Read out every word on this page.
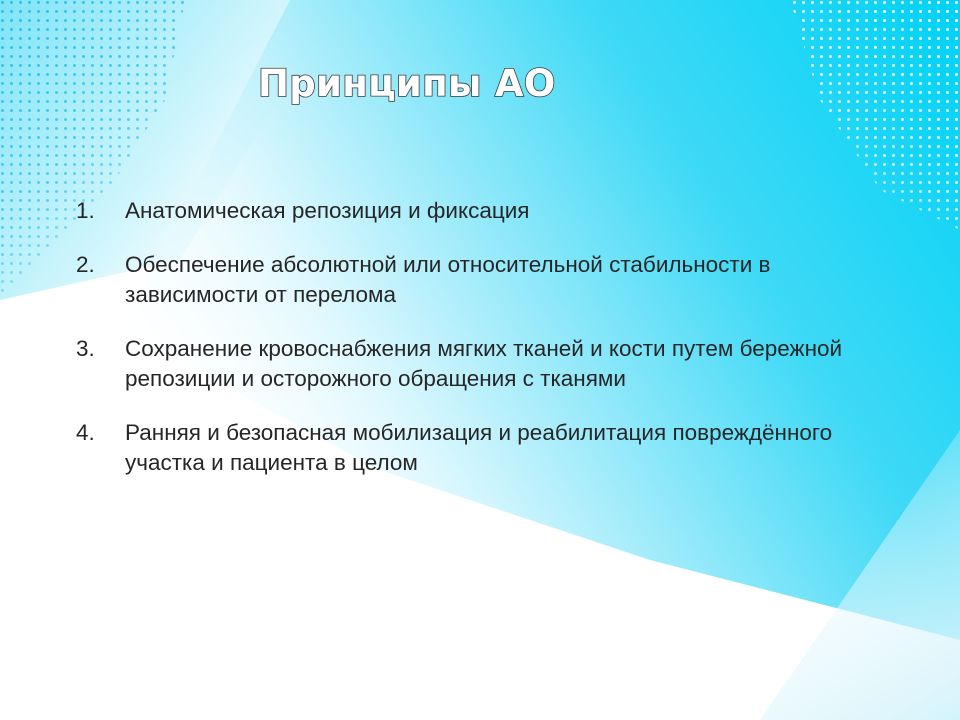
Принципы АО
1. Анатомическая репозиция и фиксация
2. Обеспечение абсолютной или относительной стабильности в зависимости от перелома
3. Сохранение кровоснабжения мягких тканей и кости путем бережной репозиции и осторожного обращения с тканями
4. Ранняя и безопасная мобилизация и реабилитация повреждённого участка и пациента в целом
